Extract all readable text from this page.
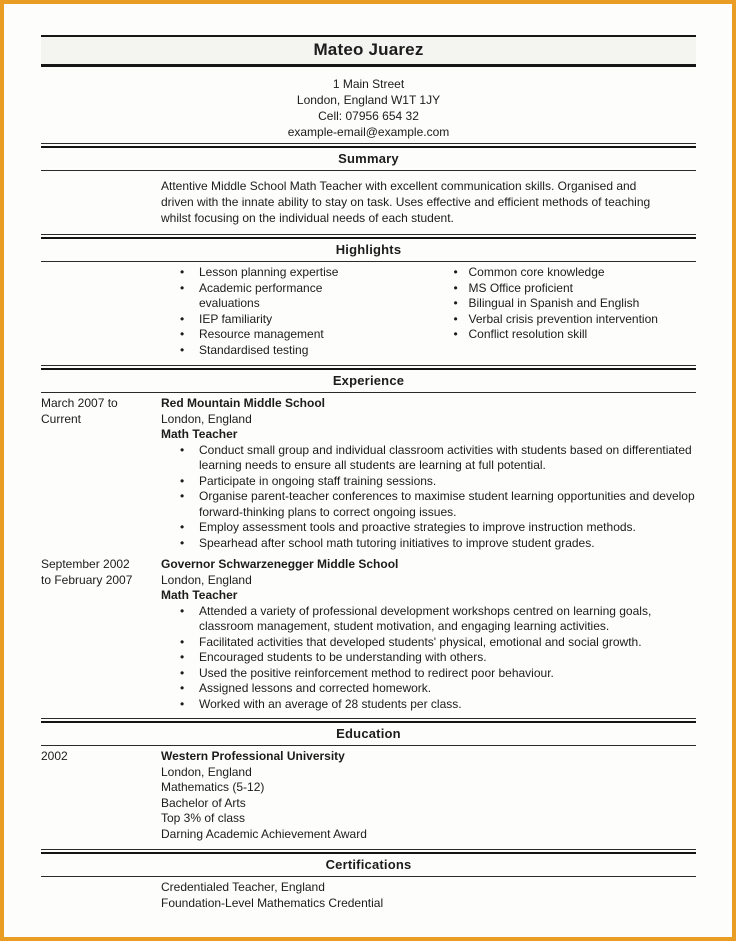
Mateo Juarez
1 Main Street
London, England W1T 1JY
Cell: 07956 654 32
example-email@example.com
Summary
Attentive Middle School Math Teacher with excellent communication skills. Organised and driven with the innate ability to stay on task. Uses effective and efficient methods of teaching whilst focusing on the individual needs of each student.
Highlights
• Lesson planning expertise
• Academic performance evaluations
• IEP familiarity
• Resource management
• Standardised testing
• Common core knowledge
• MS Office proficient
• Bilingual in Spanish and English
• Verbal crisis prevention intervention
• Conflict resolution skill
Experience
March 2007 to Current
Red Mountain Middle School
London, England
Math Teacher
• Conduct small group and individual classroom activities with students based on differentiated learning needs to ensure all students are learning at full potential.
• Participate in ongoing staff training sessions.
• Organise parent-teacher conferences to maximise student learning opportunities and develop forward-thinking plans to correct ongoing issues.
• Employ assessment tools and proactive strategies to improve instruction methods.
• Spearhead after school math tutoring initiatives to improve student grades.
September 2002 to February 2007
Governor Schwarzenegger Middle School
London, England
Math Teacher
• Attended a variety of professional development workshops centred on learning goals, classroom management, student motivation, and engaging learning activities.
• Facilitated activities that developed students' physical, emotional and social growth.
• Encouraged students to be understanding with others.
• Used the positive reinforcement method to redirect poor behaviour.
• Assigned lessons and corrected homework.
• Worked with an average of 28 students per class.
Education
2002	Western Professional University
London, England
Mathematics (5-12)
Bachelor of Arts
Top 3% of class
Darning Academic Achievement Award
Certifications
Credentialed Teacher, England
Foundation-Level Mathematics Credential
